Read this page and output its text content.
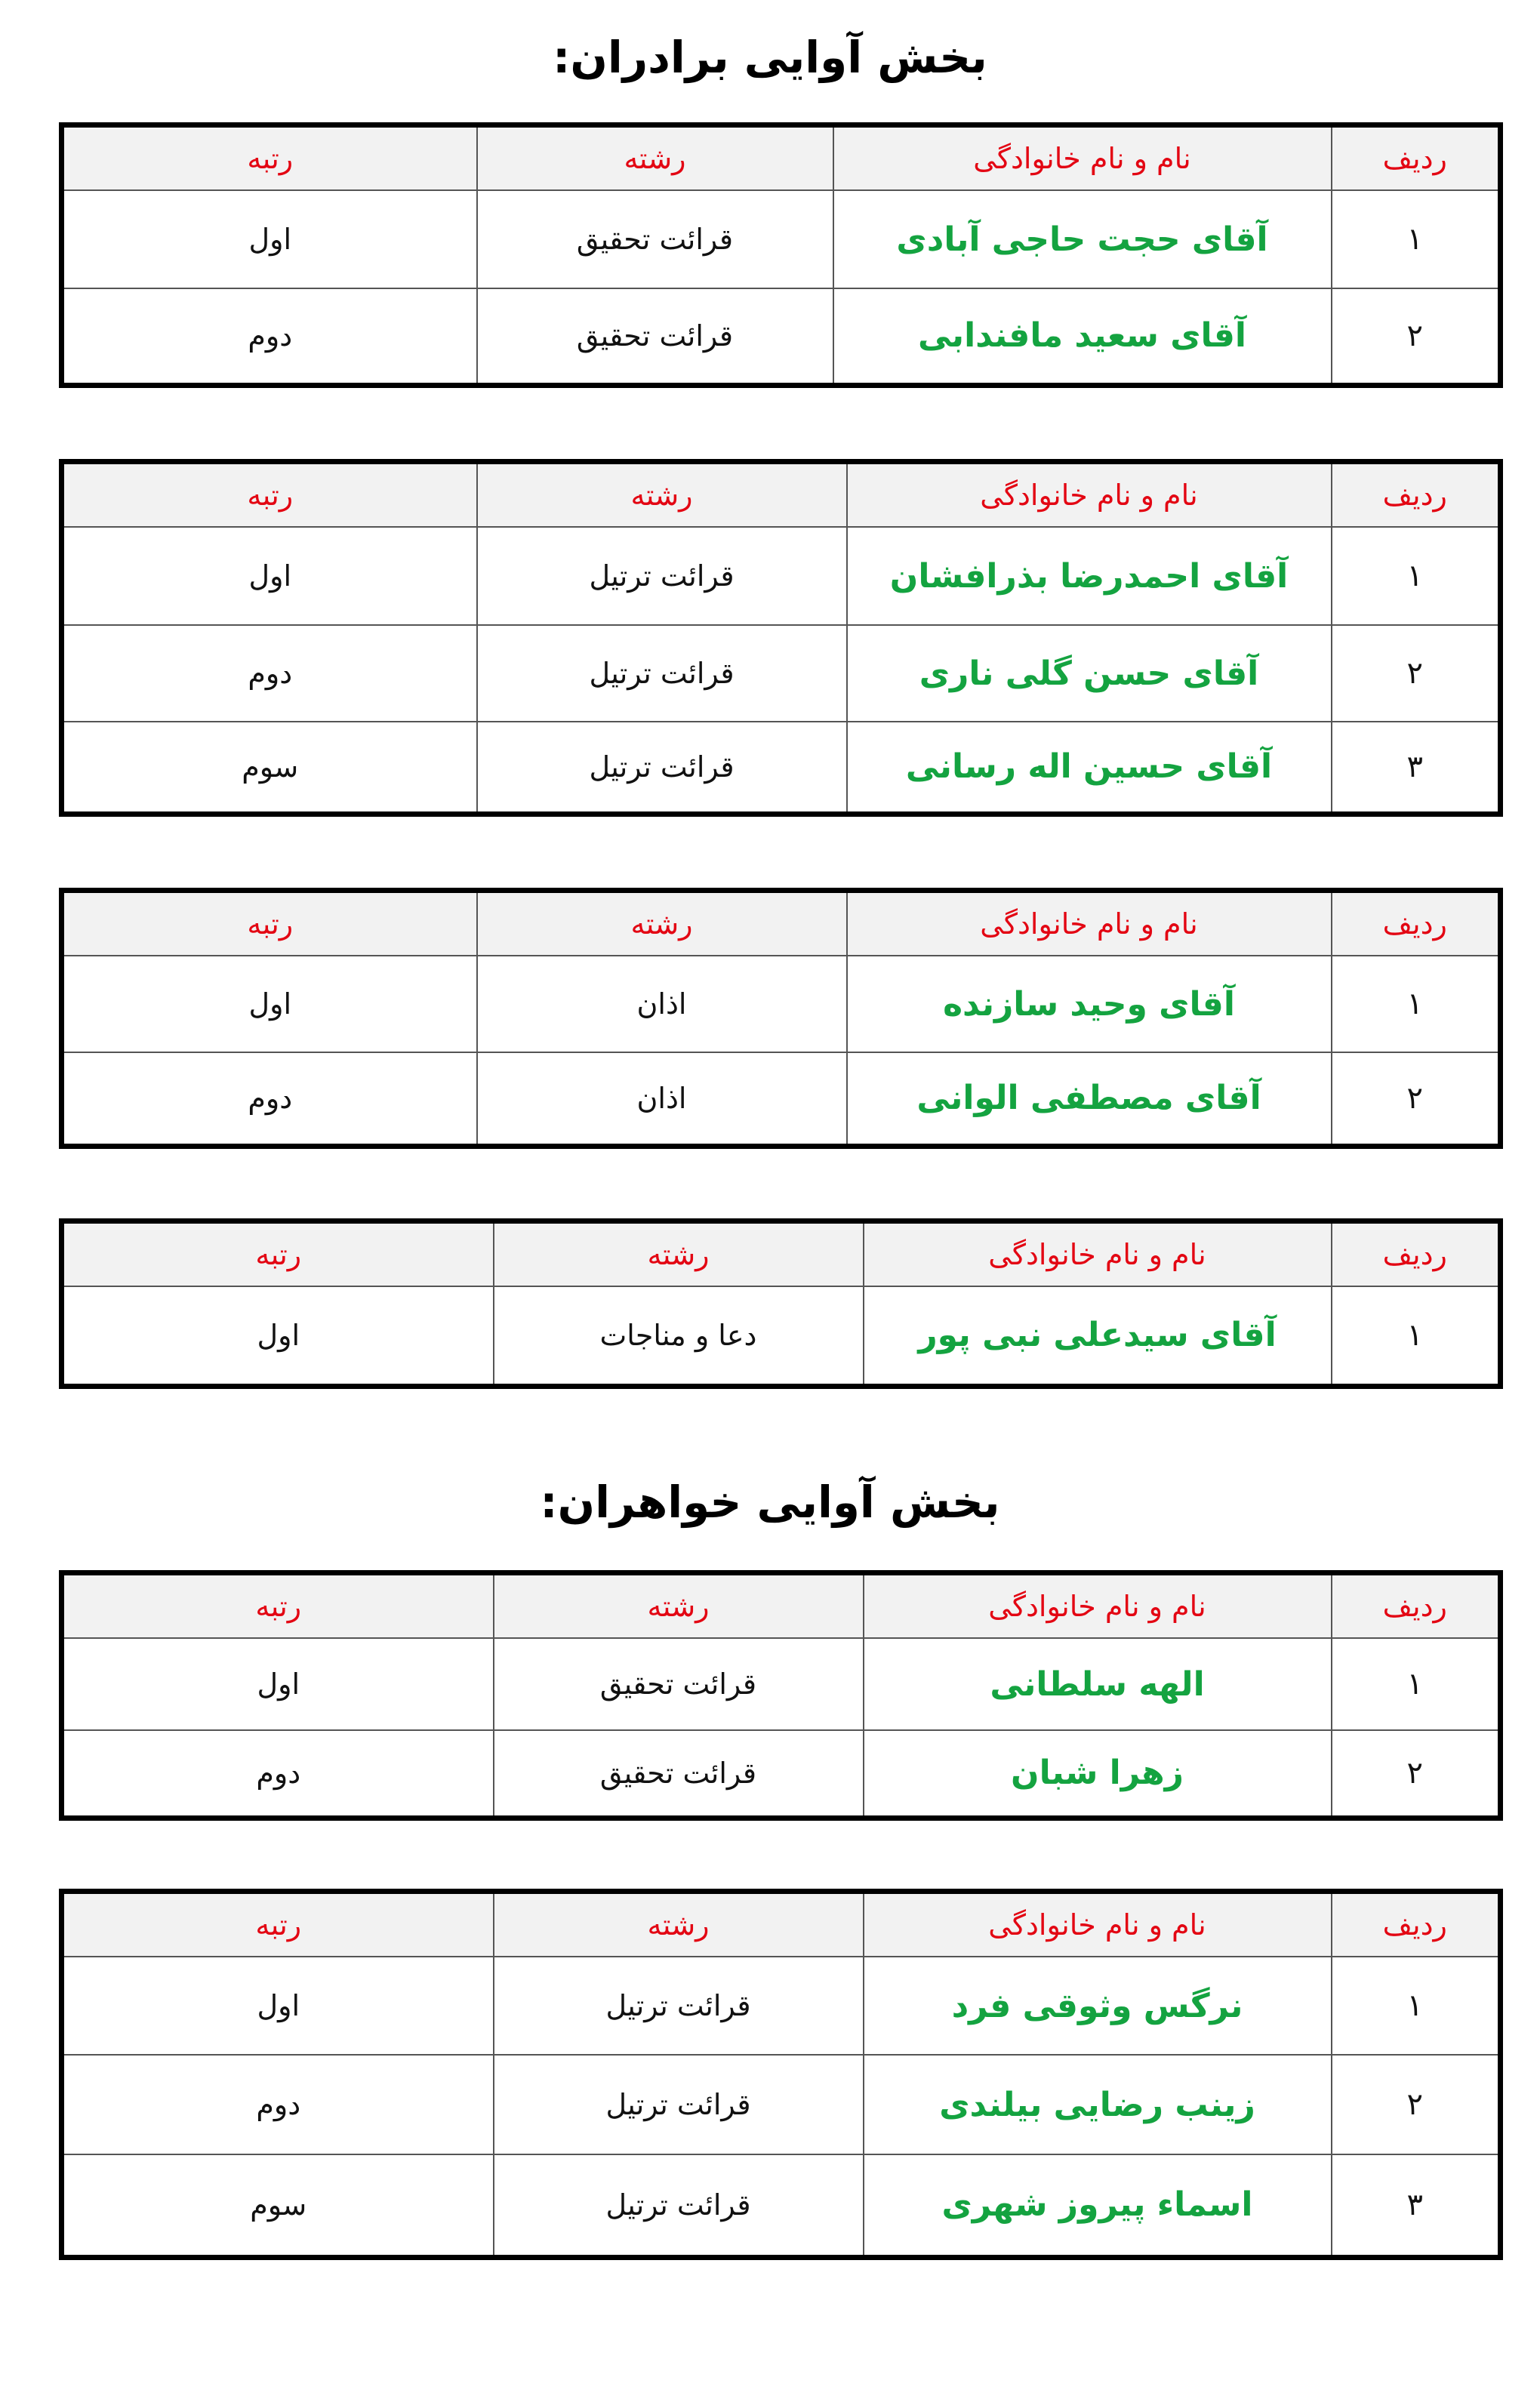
بخش آوایی برادران:
ردیف	نام و نام خانوادگی	رشته	رتبه
۱	آقای حجت حاجی آبادی	قرائت تحقیق	اول
۲	آقای سعید مافندابی	قرائت تحقیق	دوم
ردیف	نام و نام خانوادگی	رشته	رتبه
۱	آقای احمدرضا بذرافشان	قرائت ترتیل	اول
۲	آقای حسن گلی ناری	قرائت ترتیل	دوم
۳	آقای حسین اله رسانی	قرائت ترتیل	سوم
ردیف	نام و نام خانوادگی	رشته	رتبه
۱	آقای وحید سازنده	اذان	اول
۲	آقای مصطفی الوانی	اذان	دوم
ردیف	نام و نام خانوادگی	رشته	رتبه
۱	آقای سیدعلی نبی پور	دعا و مناجات	اول
بخش آوایی خواهران:
ردیف	نام و نام خانوادگی	رشته	رتبه
۱	الهه سلطانی	قرائت تحقیق	اول
۲	زهرا شبان	قرائت تحقیق	دوم
ردیف	نام و نام خانوادگی	رشته	رتبه
۱	نرگس وثوقی فرد	قرائت ترتیل	اول
۲	زینب رضایی بیلندی	قرائت ترتیل	دوم
۳	اسماء پیروز شهری	قرائت ترتیل	سوم
